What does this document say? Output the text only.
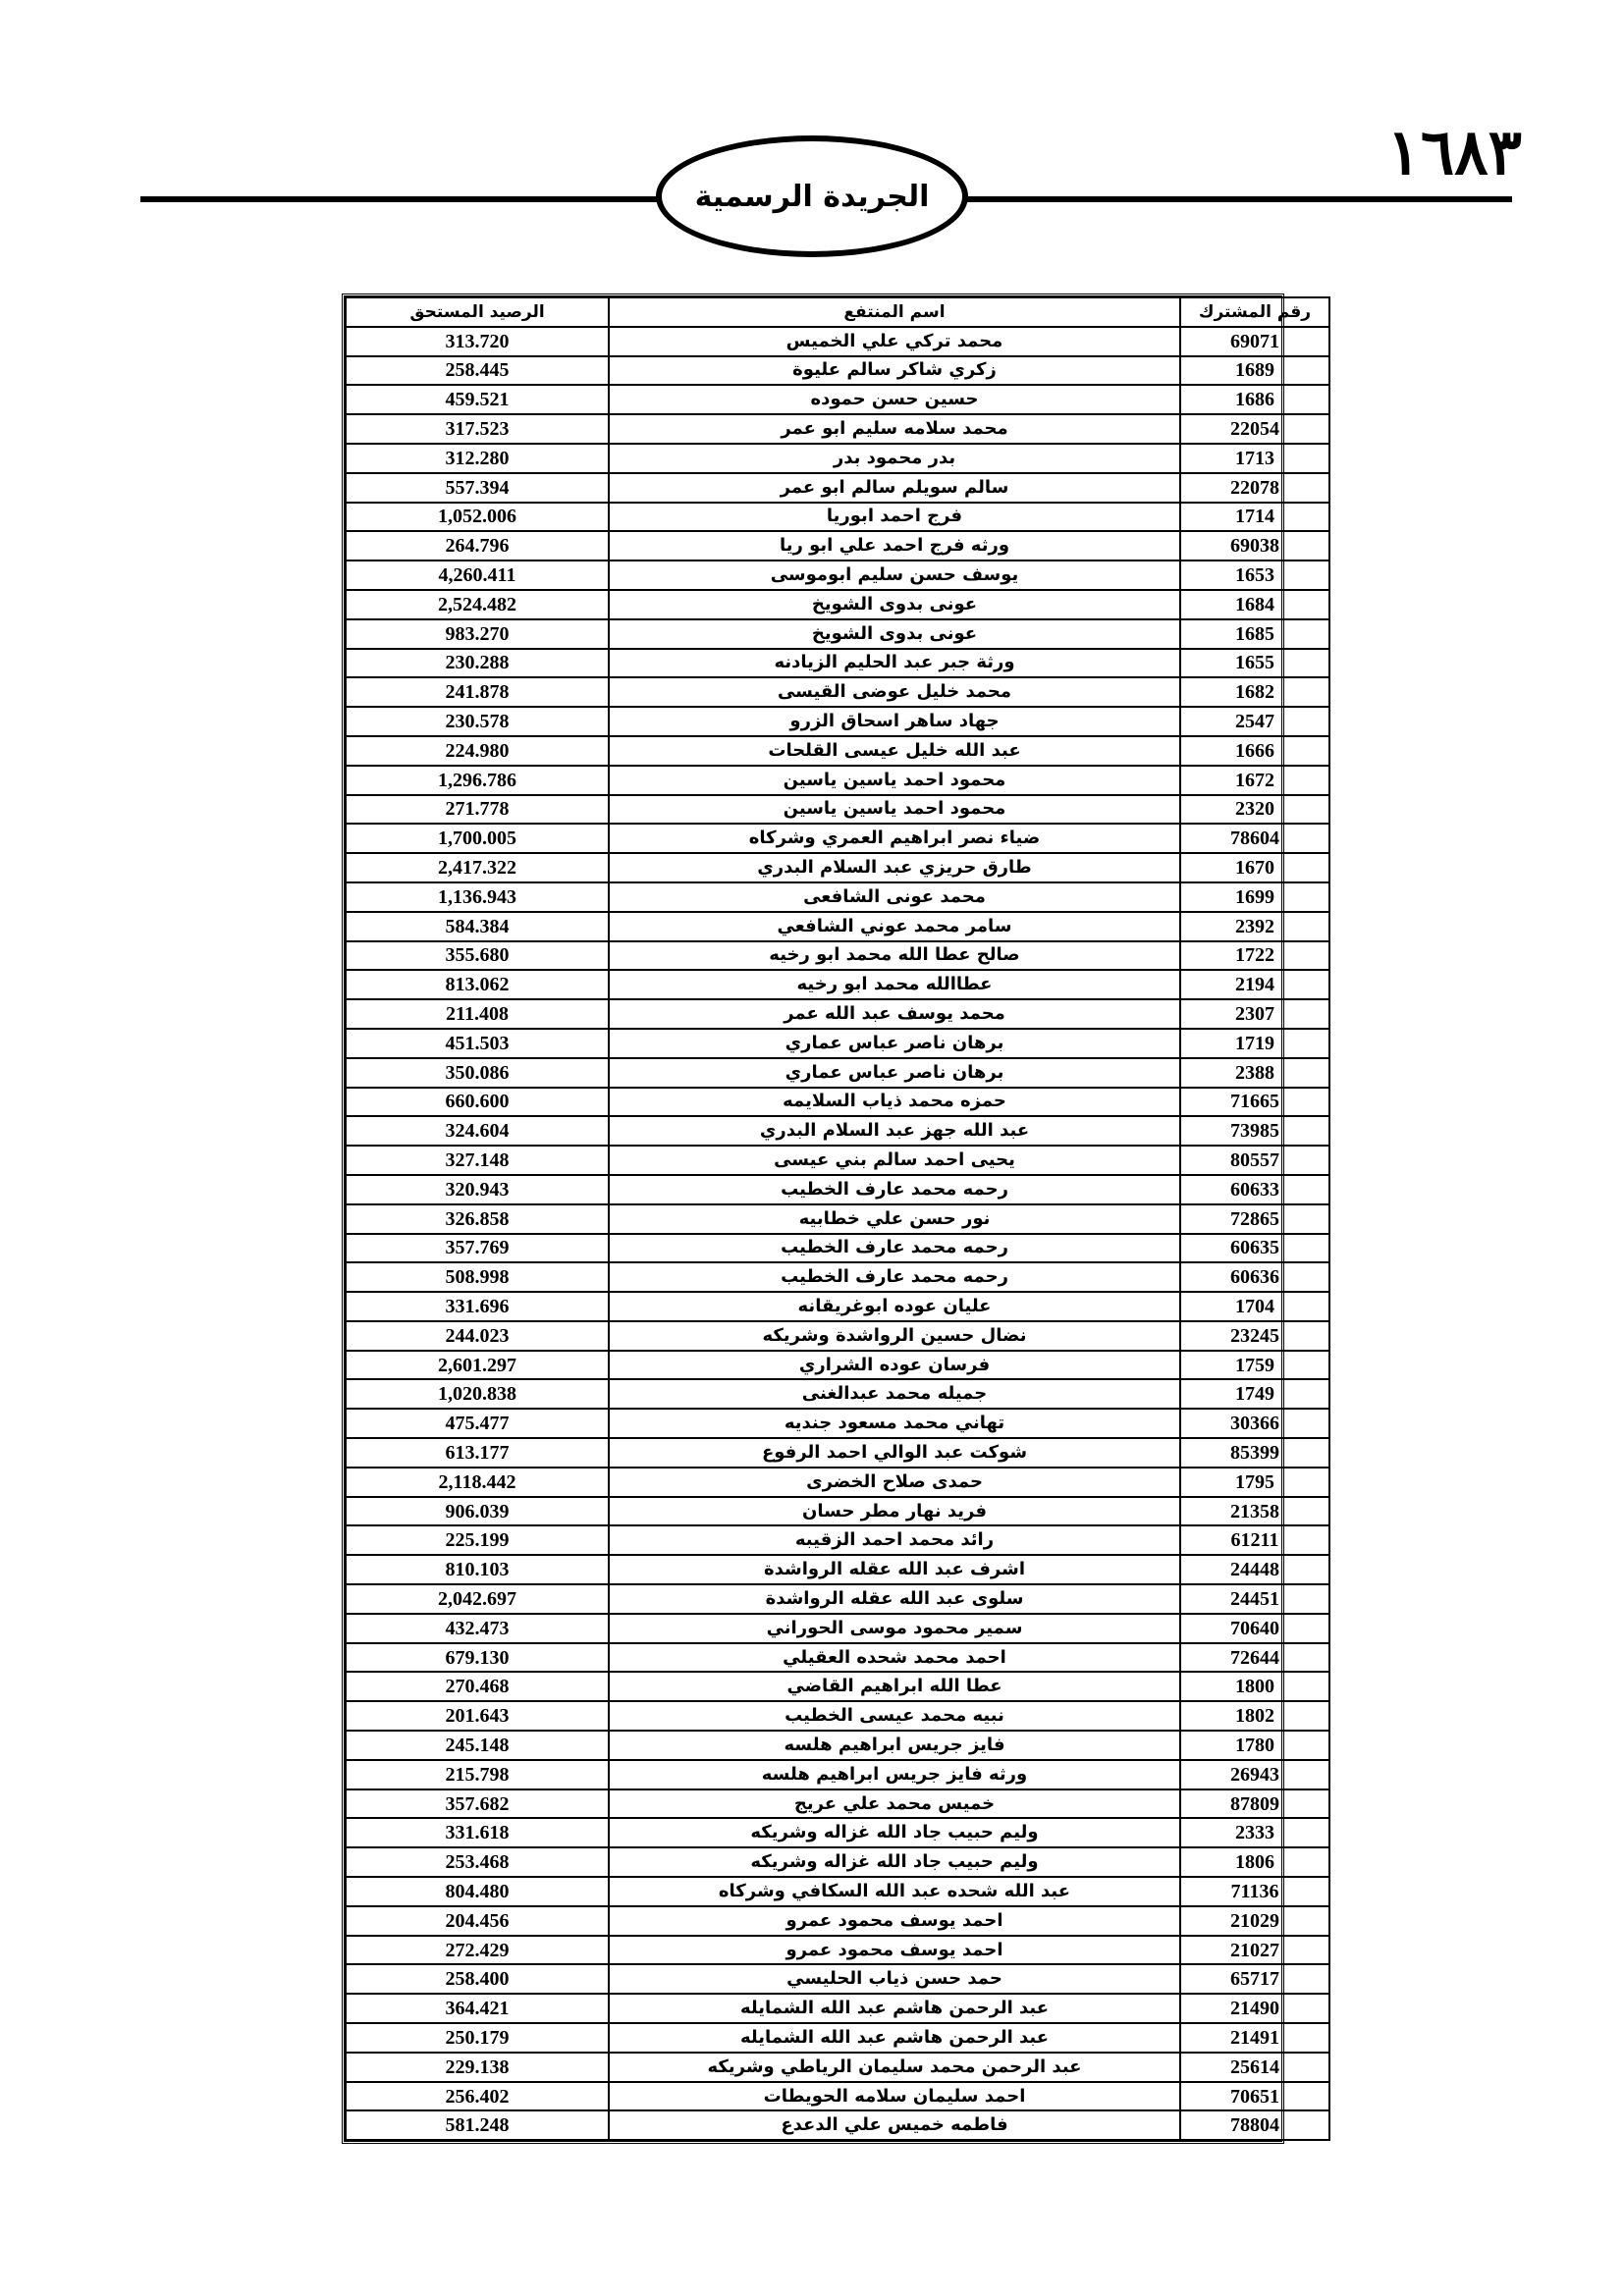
الجريدة الرسمية
١٦٨٣
الرصيد المستحق	اسم المنتفع	رقم المشترك
313.720	محمد تركي علي الخميس	69071
258.445	زكري شاكر سالم عليوة	1689
459.521	حسين حسن حموده	1686
317.523	محمد سلامه سليم ابو عمر	22054
312.280	بدر محمود بدر	1713
557.394	سالم سويلم سالم ابو عمر	22078
1,052.006	فرج احمد ابوريا	1714
264.796	ورثه فرج احمد علي ابو ريا	69038
4,260.411	يوسف حسن سليم ابوموسى	1653
2,524.482	عونى بدوى الشويخ	1684
983.270	عونى بدوى الشويخ	1685
230.288	ورثة جبر عبد الحليم الزيادنه	1655
241.878	محمد خليل عوضى القيسى	1682
230.578	جهاد ساهر اسحاق الزرو	2547
224.980	عبد الله خليل عيسى القلحات	1666
1,296.786	محمود احمد ياسين ياسين	1672
271.778	محمود احمد ياسين ياسين	2320
1,700.005	ضياء نصر ابراهيم العمري وشركاه	78604
2,417.322	طارق حريزي عبد السلام البدري	1670
1,136.943	محمد عونى الشافعى	1699
584.384	سامر محمد عوني الشافعي	2392
355.680	صالح عطا الله محمد ابو رخيه	1722
813.062	عطاالله محمد ابو رخيه	2194
211.408	محمد يوسف عبد الله عمر	2307
451.503	برهان ناصر عباس عماري	1719
350.086	برهان ناصر عباس عماري	2388
660.600	حمزه محمد ذياب السلايمه	71665
324.604	عبد الله جهز عبد السلام البدري	73985
327.148	يحيى احمد سالم بني عيسى	80557
320.943	رحمه محمد عارف الخطيب	60633
326.858	نور حسن علي خطابيه	72865
357.769	رحمه محمد عارف الخطيب	60635
508.998	رحمه محمد عارف الخطيب	60636
331.696	عليان عوده ابوغريقانه	1704
244.023	نضال حسين الرواشدة وشريكه	23245
2,601.297	فرسان عوده الشراري	1759
1,020.838	جميله محمد عبدالغنى	1749
475.477	تهاني محمد مسعود جنديه	30366
613.177	شوكت عبد الوالي احمد الرفوع	85399
2,118.442	حمدى صلاح الخضرى	1795
906.039	فريد نهار مطر حسان	21358
225.199	رائد محمد احمد الزقيبه	61211
810.103	اشرف عبد الله عقله الرواشدة	24448
2,042.697	سلوى عبد الله عقله الرواشدة	24451
432.473	سمير محمود موسى الحوراني	70640
679.130	احمد محمد شحده العقيلي	72644
270.468	عطا الله ابراهيم القاضي	1800
201.643	نبيه محمد عيسى الخطيب	1802
245.148	فايز جريس ابراهيم هلسه	1780
215.798	ورثه فايز جريس ابراهيم هلسه	26943
357.682	خميس محمد علي عريج	87809
331.618	وليم حبيب جاد الله غزاله وشريكه	2333
253.468	وليم حبيب جاد الله غزاله وشريكه	1806
804.480	عبد الله شحده عبد الله السكافي وشركاه	71136
204.456	احمد يوسف محمود عمرو	21029
272.429	احمد يوسف محمود عمرو	21027
258.400	حمد حسن ذياب الحليسي	65717
364.421	عبد الرحمن هاشم عبد الله الشمايله	21490
250.179	عبد الرحمن هاشم عبد الله الشمايله	21491
229.138	عبد الرحمن محمد سليمان الرياطي وشريكه	25614
256.402	احمد سليمان سلامه الحويطات	70651
581.248	فاطمه خميس علي الدعدع	78804
